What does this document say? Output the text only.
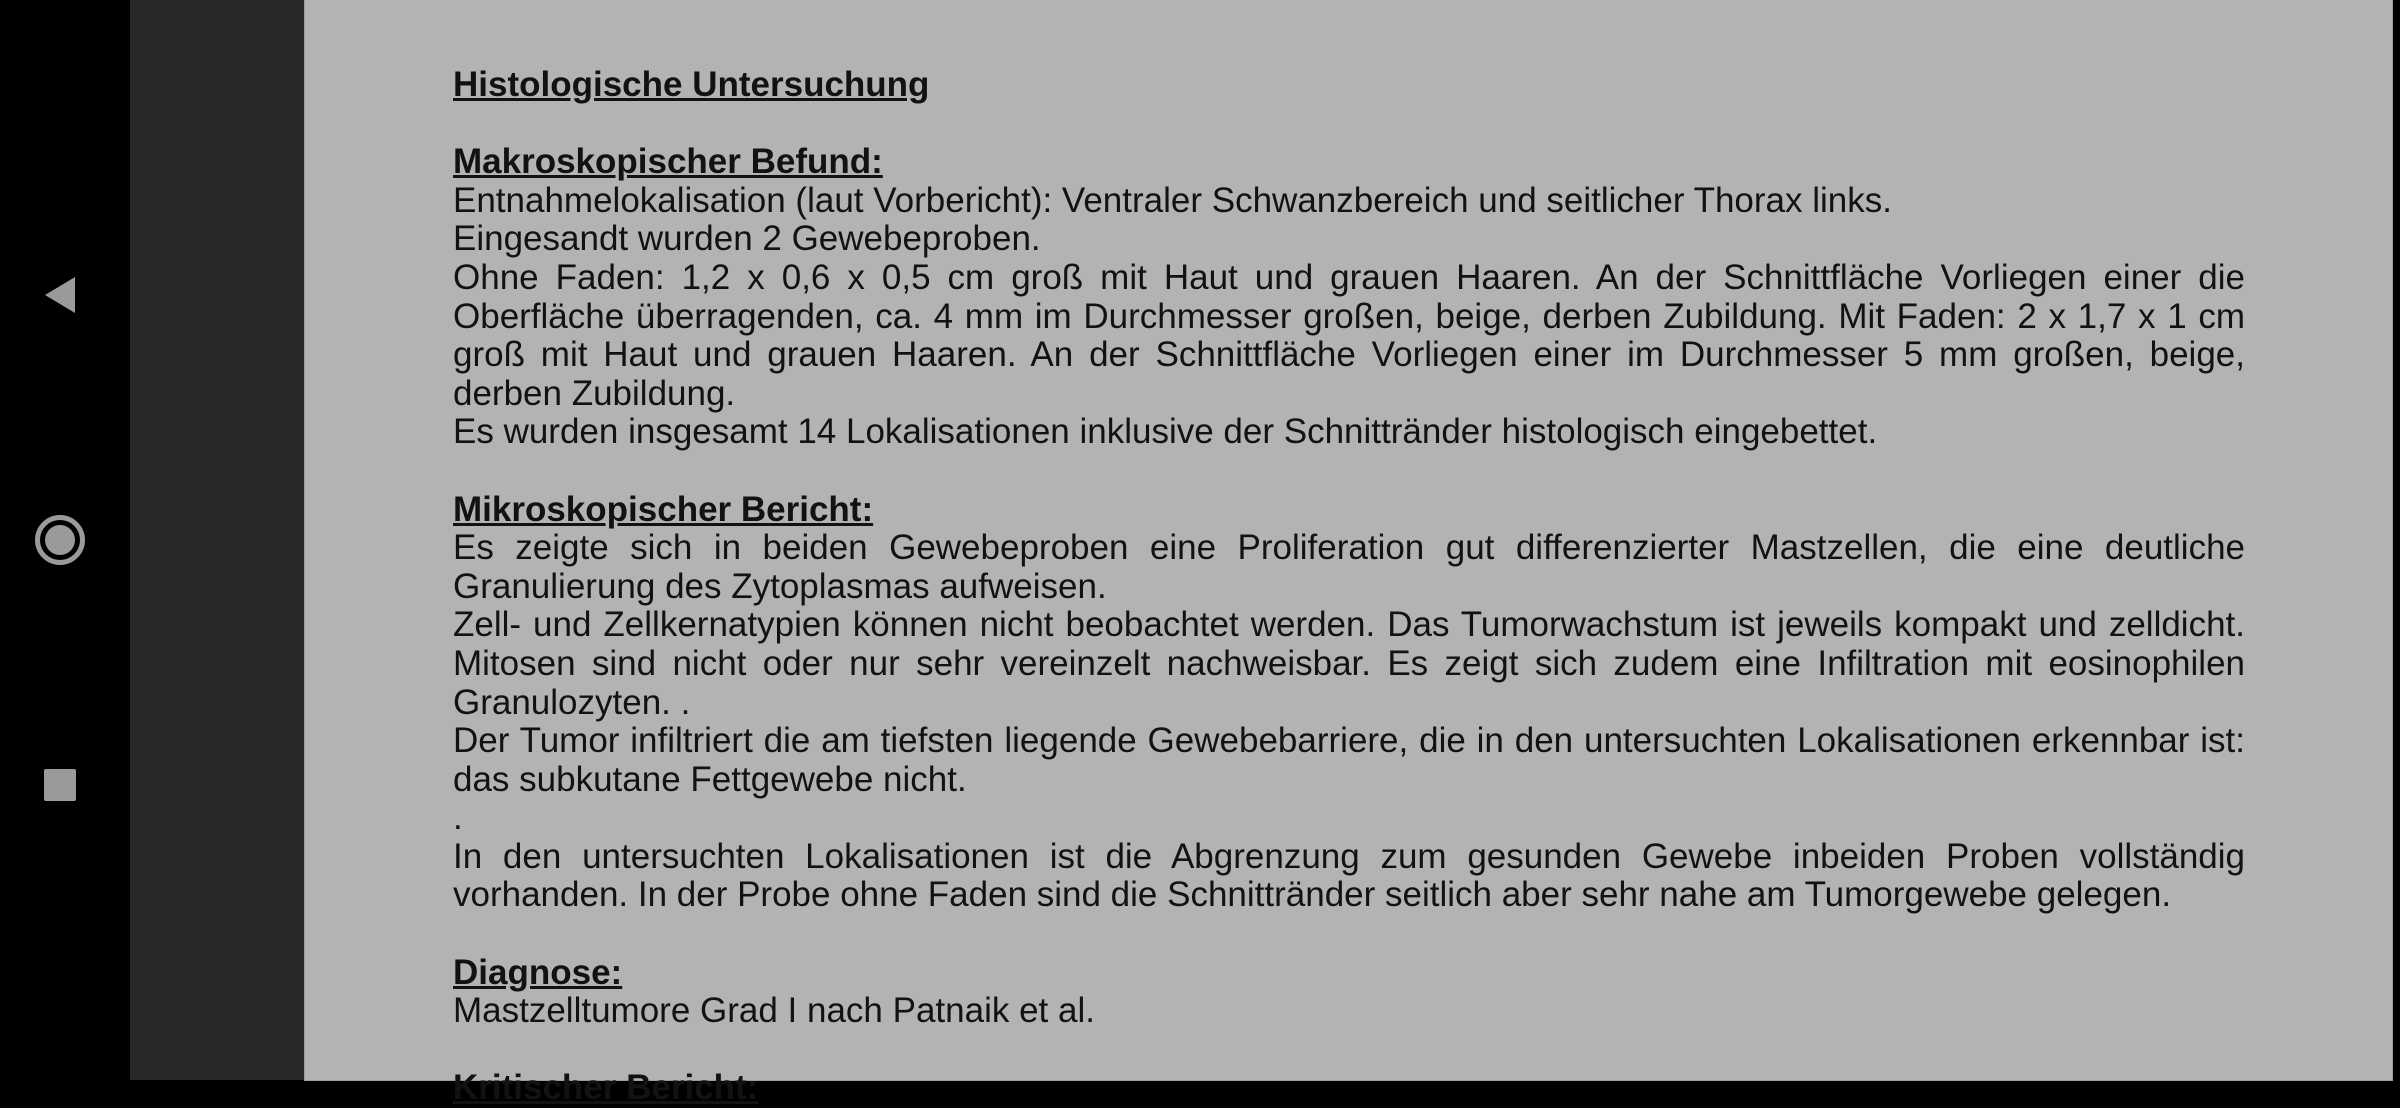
Histologische Untersuchung

Makroskopischer Befund:

Entnahmelokalisation (laut Vorbericht): Ventraler Schwanzbereich und seitlicher Thorax links.

Eingesandt wurden 2 Gewebeproben.

Ohne Faden: 1,2 x 0,6 x 0,5 cm groß mit Haut und grauen Haaren. An der Schnittfläche Vorliegen einer die Oberfläche überragenden, ca. 4 mm im Durchmesser großen, beige, derben Zubildung. Mit Faden: 2 x 1,7 x 1 cm groß mit Haut und grauen Haaren. An der Schnittfläche Vorliegen einer im Durchmesser 5 mm großen, beige, derben Zubildung.

Es wurden insgesamt 14 Lokalisationen inklusive der Schnittränder histologisch eingebettet.

Mikroskopischer Bericht:

Es zeigte sich in beiden Gewebeproben eine Proliferation gut differenzierter Mastzellen, die eine deutliche Granulierung des Zytoplasmas aufweisen.

Zell- und Zellkernatypien können nicht beobachtet werden. Das Tumorwachstum ist jeweils kompakt und zelldicht. Mitosen sind nicht oder nur sehr vereinzelt nachweisbar. Es zeigt sich zudem eine Infiltration mit eosinophilen Granulozyten. .

Der Tumor infiltriert die am tiefsten liegende Gewebebarriere, die in den untersuchten Lokalisationen erkennbar ist: das subkutane Fettgewebe nicht.

.

In den untersuchten Lokalisationen ist die Abgrenzung zum gesunden Gewebe inbeiden Proben vollständig vorhanden. In der Probe ohne Faden sind die Schnittränder seitlich aber sehr nahe am Tumorgewebe gelegen.

Diagnose:

Mastzelltumore Grad I nach Patnaik et al.

Kritischer Bericht:
